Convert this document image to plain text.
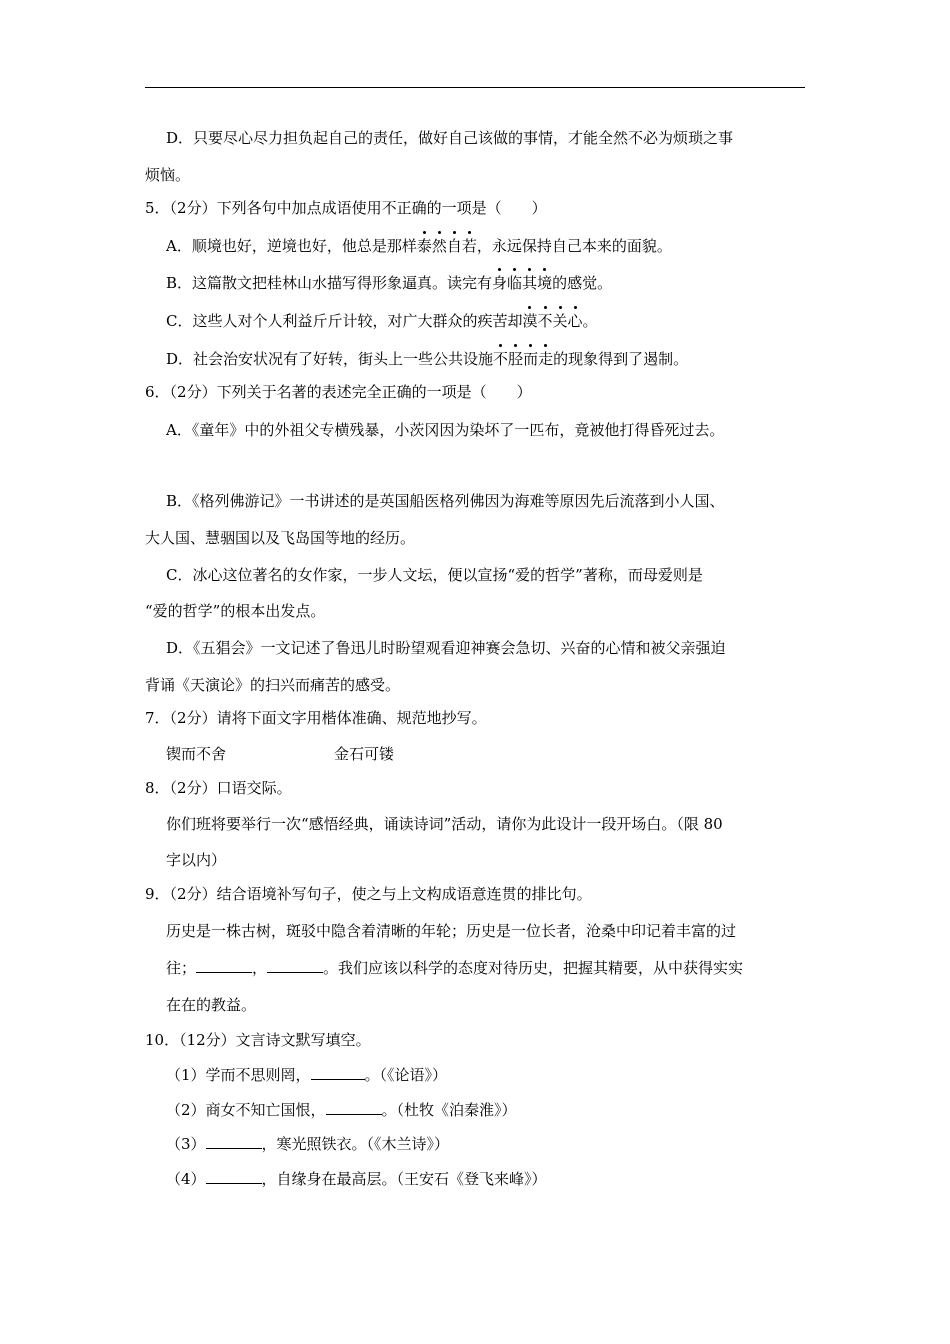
D．只要尽心尽力担负起自己的责任，做好自己该做的事情，才能全然不必为烦琐之事
烦恼。
5．（2分）下列各句中加点成语使用不正确的一项是（　　）
A．顺境也好，逆境也好，他总是那样泰然自若，永远保持自己本来的面貌。
B．这篇散文把桂林山水描写得形象逼真。读完有身临其境的感觉。
C．这些人对个人利益斤斤计较，对广大群众的疾苦却漠不关心。
D．社会治安状况有了好转，街头上一些公共设施不胫而走的现象得到了遏制。
6．（2分）下列关于名著的表述完全正确的一项是（　　）
A．《童年》中的外祖父专横残暴，小茨冈因为染坏了一匹布，竟被他打得昏死过去。
B．《格列佛游记》一书讲述的是英国船医格列佛因为海难等原因先后流落到小人国、
大人国、慧骃国以及飞岛国等地的经历。
C．冰心这位著名的女作家，一步人文坛，便以宣扬“爱的哲学”著称，而母爱则是
“爱的哲学”的根本出发点。
D．《五猖会》一文记述了鲁迅儿时盼望观看迎神赛会急切、兴奋的心情和被父亲强迫
背诵《天演论》的扫兴而痛苦的感受。
7．（2分）请将下面文字用楷体准确、规范地抄写。
锲而不舍	金石可镂
8．（2分）口语交际。
你们班将要举行一次“感悟经典，诵读诗词”活动，请你为此设计一段开场白。（限 80
字以内）
9．（2分）结合语境补写句子，使之与上文构成语意连贯的排比句。
历史是一株古树，斑驳中隐含着清晰的年轮；历史是一位长者，沧桑中印记着丰富的过
往；	，	。我们应该以科学的态度对待历史，把握其精要，从中获得实实
在在的教益。
10．（12分）文言诗文默写填空。
（1）学而不思则罔，	。（《论语》）
（2）商女不知亡国恨，	。（杜牧《泊秦淮》）
（3）	，寒光照铁衣。（《木兰诗》）
（4）	，自缘身在最高层。（王安石《登飞来峰》）
